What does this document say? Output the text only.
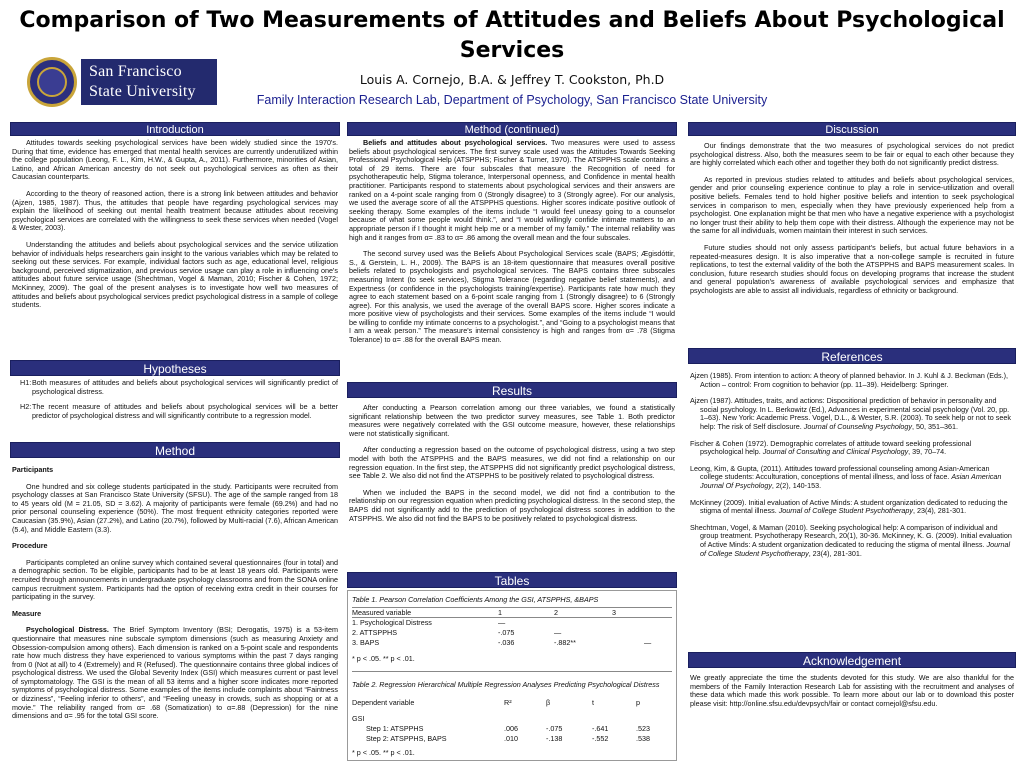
Comparison of Two Measurements of Attitudes and Beliefs About Psychological Services
San Francisco
State University
Louis A. Cornejo, B.A. & Jeffrey T. Cookston, Ph.D
Family Interaction Research Lab, Department of Psychology, San Francisco State University
Introduction

Attitudes towards seeking psychological services have been widely studied since the 1970's. During that time, evidence has emerged that mental health services are currently underutilized within the college population (Leong, F. L., Kim, H.W., & Gupta, A., 2011). Furthermore, minorities of Asian, Latino, and African American ancestry do not seek out psychological services as often as their Caucasian counterparts.

According to the theory of reasoned action, there is a strong link between attitudes and behavior (Ajzen, 1985, 1987). Thus, the attitudes that people have regarding psychological services may explain the likelihood of seeking out mental health treatment because attitudes about receiving psychological services are correlated with the willingness to seek these services when needed (Vogel & Wester, 2003).

Understanding the attitudes and beliefs about psychological services and the service utilization behavior of individuals helps researchers gain insight to the various variables which may be related to seeking out these services. For example, individual factors such as age, educational level, religious background, perceived stigmatization, and previous service usage can play a role in influencing one's attitudes about future service usage (Shechtman, Vogel & Maman, 2010; Fischer & Cohen, 1972; McKinney, 2009). The goal of the present analyses is to investigate how well two measures of attitudes and beliefs about psychological services predict psychological distress in a sample of college students.

Hypotheses

H1: Both measures of attitudes and beliefs about psychological services will significantly predict of psychological distress.

H2: The recent measure of attitudes and beliefs about psychological services will be a better predictor of psychological distress and will significantly contribute to a regression model.

Method
Participants

One hundred and six college students participated in the study. Participants were recruited from psychology classes at San Francisco State University (SFSU). The age of the sample ranged from 18 to 45 years old (M = 21.05, SD = 3.62). A majority of participants were female (69.2%) and had no prior personal counseling experience (50%). The most frequent ethnicity categories reported were Caucasian (35.9%), Asian (27.2%), and Latino (20.7%), followed by Multi-racial (7.6), African American (5.4), and Middle Eastern (3.3).

Procedure

Participants completed an online survey which contained several questionnaires (four in total) and a demographic section. To be eligible, participants had to be at least 18 years old. Participants were recruited through announcements in undergraduate psychology classrooms and from the SONA online campus recruitment system. Participants had the option of receiving extra credit in their courses for participating in the survey.

Measure

Psychological Distress. The Brief Symptom Inventory (BSI; Derogatis, 1975) is a 53-item questionnaire that measures nine subscale symptom dimensions (such as measuring Anxiety and Obsession-compulsion among others). Each dimension is ranked on a 5-point scale and respondents rate how much distress they have experienced to various symptoms within the past 7 days ranging from 0 (Not at all) to 4 (Extremely) and R (Refused). The questionnaire contains three global indices of psychological distress. We used the Global Severity Index (GSI) which measures current or past level of symptomatology. The GSI is the mean of all 53 items and a higher score indicates more reported symptoms of psychological distress. Some examples of the items include complaints about “Faintness or dizziness”, “Feeling inferior to others”, and “Feeling uneasy in crowds, such as shopping or at a movie.” The reliability ranged from α= .68 (Somatization) to α=.88 (Depression) for the nine dimensions and α= .95 for the total GSI score.

Method (continued)

Beliefs and attitudes about psychological services. Two measures were used to assess beliefs about psychological services. The first survey scale used was the Attitudes Towards Seeking Professional Psychological Help (ATSPPHS; Fischer & Turner, 1970). The ATSPPHS scale contains a total of 29 items. There are four subscales that measure the Recognition of need for psychotherapeutic help, Stigma tolerance, Interpersonal openness, and Confidence in mental health practitioner. Participants respond to statements about psychological services and their answers are ranked on a 4-point scale ranging from 0 (Strongly disagree) to 3 (Strongly agree). For our analysis, we used the average score of all the ATSPPHS questions. Higher scores indicate positive outlook of seeking therapy. Some examples of the items include “I would feel uneasy going to a counselor because of what some people would think.”, and “I would willingly confide intimate matters to an appropriate person if I thought it might help me or a member of my family.” The internal reliability was high and it ranges from α= .83 to α= .86 among the overall mean and the four subscales.

The second survey used was the Beliefs About Psychological Services scale (BAPS; Ægisdóttir, S., & Gerstein, L. H., 2009). The BAPS is an 18-item questionnaire that measures overall positive beliefs related to psychologists and psychological services. The BAPS contains three subscales measuring Intent (to seek services), Stigma Tolerance (regarding negative belief statements), and Expertness (or confidence in the psychologists training/expertise). Participants rate how much they agree to each statement based on a 6-point scale ranging from 1 (Strongly disagree) to 6 (Strongly agree). For this analysis, we used the average of the overall BAPS score. Higher scores indicate a more positive view of psychologists and their services. Some examples of the items include “I would be willing to confide my intimate concerns to a psychologist.”, and “Going to a psychologist means that I am a weak person.” The measure's internal consistency is high and ranges from α= .78 (Stigma Tolerance) to α= .88 for the overall BAPS mean.

Results

After conducting a Pearson correlation among our three variables, we found a statistically significant relationship between the two predictor survey measures, see Table 1. Both predictor measures were negatively correlated with the GSI outcome measure, however, these relationships were not statistically significant.

After conducting a regression based on the outcome of psychological distress, using a two step model with both the ATSPPHS and the BAPS measures, we did not find a relationship on our regression equation. In the first step, the ATSPPHS did not significantly predict psychological distress, see Table 2. We also did not find the ATSPPHS to be positively related to psychological distress.

When we included the BAPS in the second model, we did not find a contribution to the relationship on our regression equation when predicting psychological distress. In the second step, the BAPS did not significantly add to the prediction of psychological distress scores in addition to the ATSPPHS. We also did not find the BAPS to be positively related to psychological distress.

Tables
Table 1. Pearson Correlation Coefficients Among the GSI, ATSPPHS, &BAPS
Measured variable	1	2	3
1. Psychological Distress	—
2. ATTSPPHS	-.075	—
3. BAPS	-.036	-.882**	—
* p < .05. ** p < .01.
Table 2. Regression Hierarchical Multiple Regression Analyses Predicting Psychological Distress
Dependent variable	R²	β	t	p
GSI
Step 1: ATSPPHS	.006	-.075	-.641	.523
Step 2: ATSPPHS, BAPS	.010	-.138	-.552	.538
* p < .05. ** p < .01.
Discussion

Our findings demonstrate that the two measures of psychological services do not predict psychological distress. Also, both the measures seem to be fair or equal to each other because they are highly correlated which each other and together they both do not significantly predict distress.

As reported in previous studies related to attitudes and beliefs about psychological services, gender and prior counseling experience continue to play a role in service-utilization and overall positive beliefs. Females tend to hold higher positive beliefs and intention to seek psychological services in comparison to men, especially when they have previously experienced help from a psychologist. One explanation might be that men who have a negative experience with a psychologist no longer trust their ability to help them cope with their distress. Although the experience may not be the same for all individuals, women maintain their interest in such services.

Future studies should not only assess participant's beliefs, but actual future behaviors in a repeated-measures design. It is also imperative that a non-college sample is recruited in future replications, to test the external validity of the both the ATSPPHS and BAPS measurement scales. In conclusion, future research studies should focus on developing programs that increase the student and general population's awareness of available psychological services and emphasize that psychologists are able to assist all individuals, regardless of ethnicity or background.

References

Ajzen (1985). From intention to action: A theory of planned behavior. In J. Kuhl & J. Beckman (Eds.), Action – control: From cognition to behavior (pp. 11–39). Heidelberg: Springer.

Ajzen (1987). Attitudes, traits, and actions: Dispositional prediction of behavior in personality and social psychology. In L. Berkowitz (Ed.), Advances in experimental social psychology (Vol. 20, pp. 1–63). New York: Academic Press. Vogel, D.L., & Wester, S.R. (2003). To seek help or not to seek help: The risk of Self disclosure. Journal of Counseling Psychology, 50, 351–361.

Fischer & Cohen (1972). Demographic correlates of attitude toward seeking professional psychological help. Journal of Consulting and Clinical Psychology, 39, 70–74.

Leong, Kim, & Gupta, (2011). Attitudes toward professional counseling among Asian-American college students: Acculturation, conceptions of mental illness, and loss of face. Asian American Journal Of Psychology, 2(2), 140-153.

McKinney (2009). Initial evaluation of Active Minds: A student organization dedicated to reducing the stigma of mental illness. Journal of College Student Psychotherapy, 23(4), 281-301.

Shechtman, Vogel, & Maman (2010). Seeking psychological help: A comparison of individual and group treatment. Psychotherapy Research, 20(1), 30-36. McKinney, K. G. (2009). Initial evaluation of Active Minds: A student organization dedicated to reducing the stigma of mental illness. Journal of College Student Psychotherapy, 23(4), 281-301.

Acknowledgement

We greatly appreciate the time the students devoted for this study. We are also thankful for the members of the Family Interaction Research Lab for assisting with the recruitment and analyses of these data which made this work possible. To learn more about our lab or to download this poster please visit: http://online.sfsu.edu/devpsych/fair or contact cornejol@sfsu.edu.
